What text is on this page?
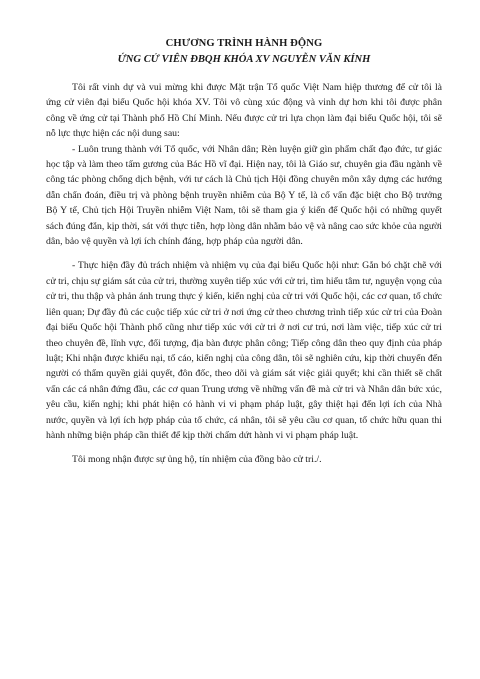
CHƯƠNG TRÌNH HÀNH ĐỘNG
ỨNG CỬ VIÊN ĐBQH KHÓA XV NGUYỄN VĂN KÍNH

Tôi rất vinh dự và vui mừng khi được Mặt trận Tổ quốc Việt Nam hiệp thương để cử tôi là ứng cử viên đại biểu Quốc hội khóa XV. Tôi vô cùng xúc động và vinh dự hơn khi tôi được phân công về ứng cử tại Thành phố Hồ Chí Minh. Nếu được cử tri lựa chọn làm đại biểu Quốc hội, tôi sẽ nỗ lực thực hiện các nội dung sau:

- Luôn trung thành với Tổ quốc, với Nhân dân; Rèn luyện giữ gìn phẩm chất đạo đức, tư giác học tập và làm theo tấm gương của Bác Hồ vĩ đại. Hiện nay, tôi là Giáo sư, chuyên gia đầu ngành về công tác phòng chống dịch bệnh, với tư cách là Chủ tịch Hội đồng chuyên môn xây dựng các hướng dẫn chẩn đoán, điều trị và phòng bệnh truyền nhiễm của Bộ Y tế, là cố vấn đặc biệt cho Bộ trưởng Bộ Y tế, Chủ tịch Hội Truyền nhiễm Việt Nam, tôi sẽ tham gia ý kiến để Quốc hội có những quyết sách đúng đắn, kịp thời, sát với thực tiễn, hợp lòng dân nhằm bảo vệ và nâng cao sức khỏe của người dân, bảo vệ quyền và lợi ích chính đáng, hợp pháp của người dân.

- Thực hiện đầy đủ trách nhiệm và nhiệm vụ của đại biểu Quốc hội như: Gắn bó chặt chẽ với cử tri, chịu sự giám sát của cử tri, thường xuyên tiếp xúc với cử tri, tìm hiểu tâm tư, nguyện vọng của cử tri, thu thập và phản ánh trung thực ý kiến, kiến nghị của cử tri với Quốc hội, các cơ quan, tổ chức liên quan; Dự đầy đủ các cuộc tiếp xúc cử tri ở nơi ứng cử theo chương trình tiếp xúc cử tri của Đoàn đại biểu Quốc hội Thành phố cũng như tiếp xúc với cử tri ở nơi cư trú, nơi làm việc, tiếp xúc cử tri theo chuyên đề, lĩnh vực, đối tượng, địa bàn được phân công; Tiếp công dân theo quy định của pháp luật; Khi nhận được khiếu nại, tố cáo, kiến nghị của công dân, tôi sẽ nghiên cứu, kịp thời chuyển đến người có thẩm quyền giải quyết, đôn đốc, theo dõi và giám sát việc giải quyết; khi cần thiết sẽ chất vấn các cá nhân đứng đầu, các cơ quan Trung ương về những vấn đề mà cử tri và Nhân dân bức xúc, yêu cầu, kiến nghị; khi phát hiện có hành vi vi phạm pháp luật, gây thiệt hại đến lợi ích của Nhà nước, quyền và lợi ích hợp pháp của tổ chức, cá nhân, tôi sẽ yêu cầu cơ quan, tổ chức hữu quan thi hành những biện pháp cần thiết để kịp thời chấm dứt hành vi vi phạm pháp luật.

Tôi mong nhận được sự ủng hộ, tín nhiệm của đồng bào cử tri./.
